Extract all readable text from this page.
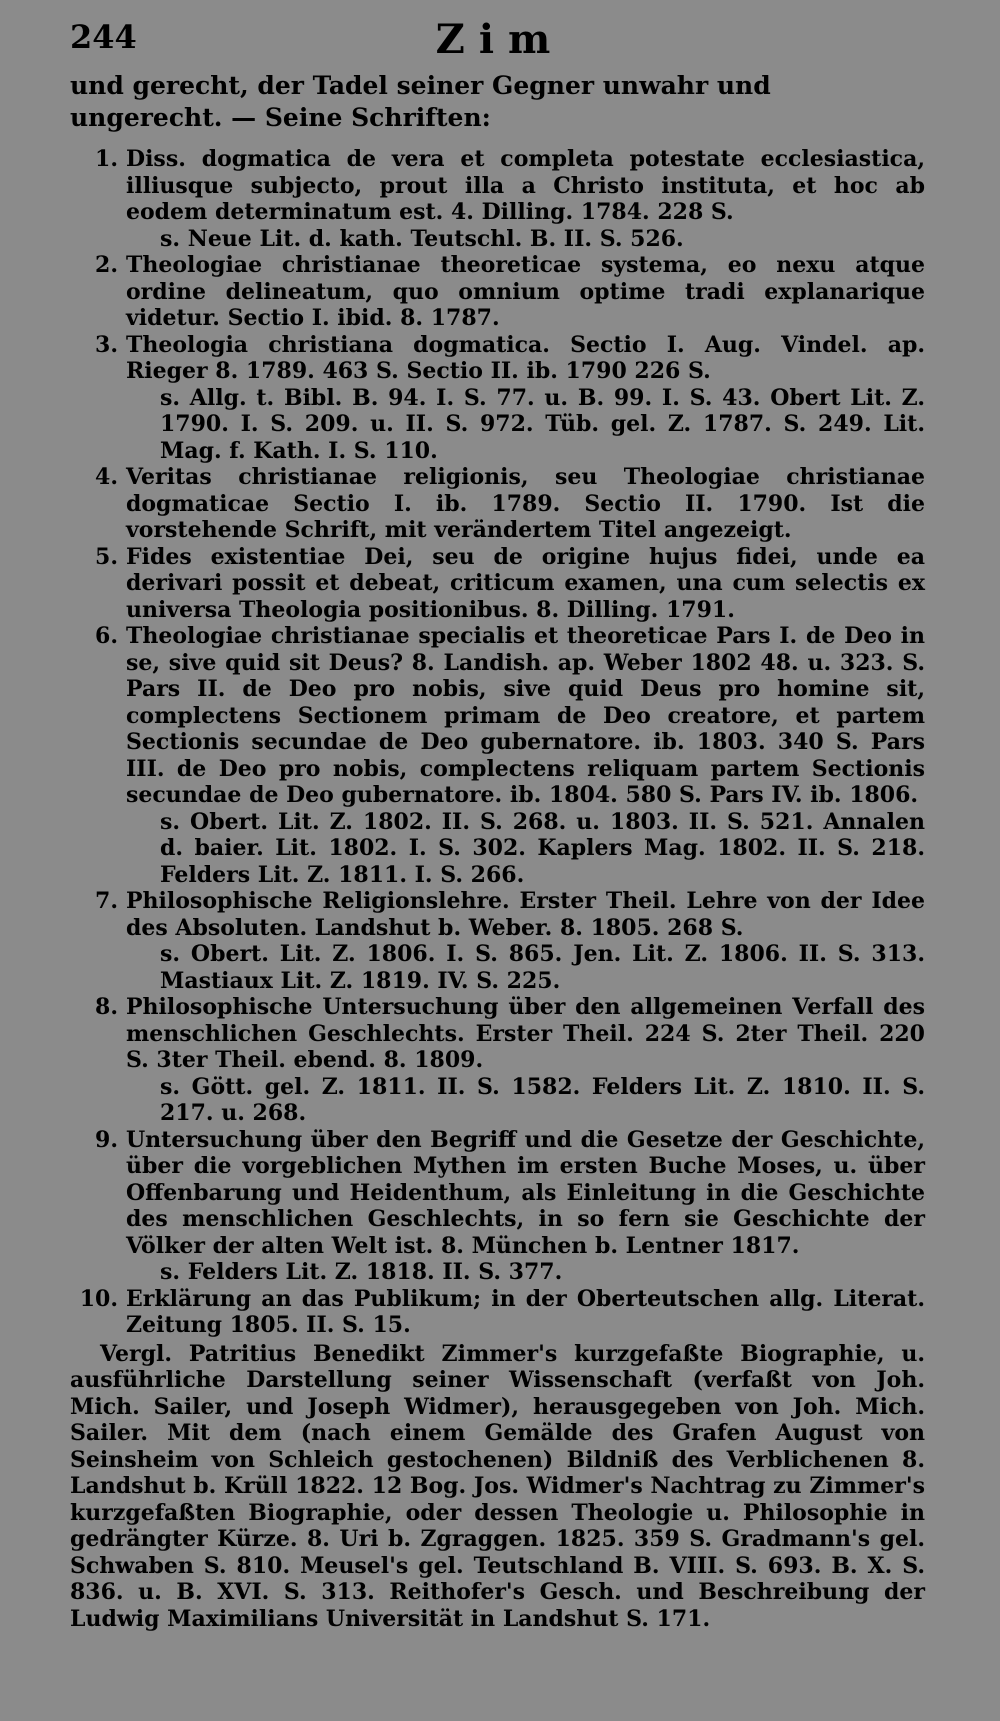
244	Zim

und gerecht, der Tadel seiner Gegner unwahr und ungerecht. — Seine Schriften:

1. Diss. dogmatica de vera et completa potestate ecclesiastica, illiusque subjecto, prout illa a Christo instituta, et hoc ab eodem determinatum est. 4. Dilling. 1784. 228 S.
s. Neue Lit. d. kath. Teutschl. B. II. S. 526.
2. Theologiae christianae theoreticae systema, eo nexu atque ordine delineatum, quo omnium optime tradi explanarique videtur. Sectio I. ibid. 8. 1787.
3. Theologia christiana dogmatica. Sectio I. Aug. Vindel. ap. Rieger 8. 1789. 463 S. Sectio II. ib. 1790 226 S.
s. Allg. t. Bibl. B. 94. I. S. 77. u. B. 99. I. S. 43. Obert Lit. Z. 1790. I. S. 209. u. II. S. 972. Tüb. gel. Z. 1787. S. 249. Lit. Mag. f. Kath. I. S. 110.
4. Veritas christianae religionis, seu Theologiae christianae dogmaticae Sectio I. ib. 1789. Sectio II. 1790. Ist die vorstehende Schrift, mit verändertem Titel angezeigt.
5. Fides existentiae Dei, seu de origine hujus fidei, unde ea derivari possit et debeat, criticum examen, una cum selectis ex universa Theologia positionibus. 8. Dilling. 1791.
6. Theologiae christianae specialis et theoreticae Pars I. de Deo in se, sive quid sit Deus? 8. Landish. ap. Weber 1802 48. u. 323. S. Pars II. de Deo pro nobis, sive quid Deus pro homine sit, complectens Sectionem primam de Deo creatore, et partem Sectionis secundae de Deo gubernatore. ib. 1803. 340 S. Pars III. de Deo pro nobis, complectens reliquam partem Sectionis secundae de Deo gubernatore. ib. 1804. 580 S. Pars IV. ib. 1806.
s. Obert. Lit. Z. 1802. II. S. 268. u. 1803. II. S. 521. Annalen d. baier. Lit. 1802. I. S. 302. Kaplers Mag. 1802. II. S. 218. Felders Lit. Z. 1811. I. S. 266.
7. Philosophische Religionslehre. Erster Theil. Lehre von der Idee des Absoluten. Landshut b. Weber. 8. 1805. 268 S.
s. Obert. Lit. Z. 1806. I. S. 865. Jen. Lit. Z. 1806. II. S. 313. Mastiaux Lit. Z. 1819. IV. S. 225.
8. Philosophische Untersuchung über den allgemeinen Verfall des menschlichen Geschlechts. Erster Theil. 224 S. 2ter Theil. 220 S. 3ter Theil. ebend. 8. 1809.
s. Gött. gel. Z. 1811. II. S. 1582. Felders Lit. Z. 1810. II. S. 217. u. 268.
9. Untersuchung über den Begriff und die Gesetze der Geschichte, über die vorgeblichen Mythen im ersten Buche Moses, u. über Offenbarung und Heidenthum, als Einleitung in die Geschichte des menschlichen Geschlechts, in so fern sie Geschichte der Völker der alten Welt ist. 8. München b. Lentner 1817.
s. Felders Lit. Z. 1818. II. S. 377.
10. Erklärung an das Publikum; in der Oberteutschen allg. Literat. Zeitung 1805. II. S. 15.

Vergl. Patritius Benedikt Zimmer's kurzgefaßte Biographie, u. ausführliche Darstellung seiner Wissenschaft (verfaßt von Joh. Mich. Sailer, und Joseph Widmer), herausgegeben von Joh. Mich. Sailer. Mit dem (nach einem Gemälde des Grafen August von Seinsheim von Schleich gestochenen) Bildniß des Verblichenen 8. Landshut b. Krüll 1822. 12 Bog. Jos. Widmer's Nachtrag zu Zimmer's kurzgefaßten Biographie, oder dessen Theologie u. Philosophie in gedrängter Kürze. 8. Uri b. Zgraggen. 1825. 359 S. Gradmann's gel. Schwaben S. 810. Meusel's gel. Teutschland B. VIII. S. 693. B. X. S. 836. u. B. XVI. S. 313. Reithofer's Gesch. und Beschreibung der Ludwig Maximilians Universität in Landshut S. 171.
